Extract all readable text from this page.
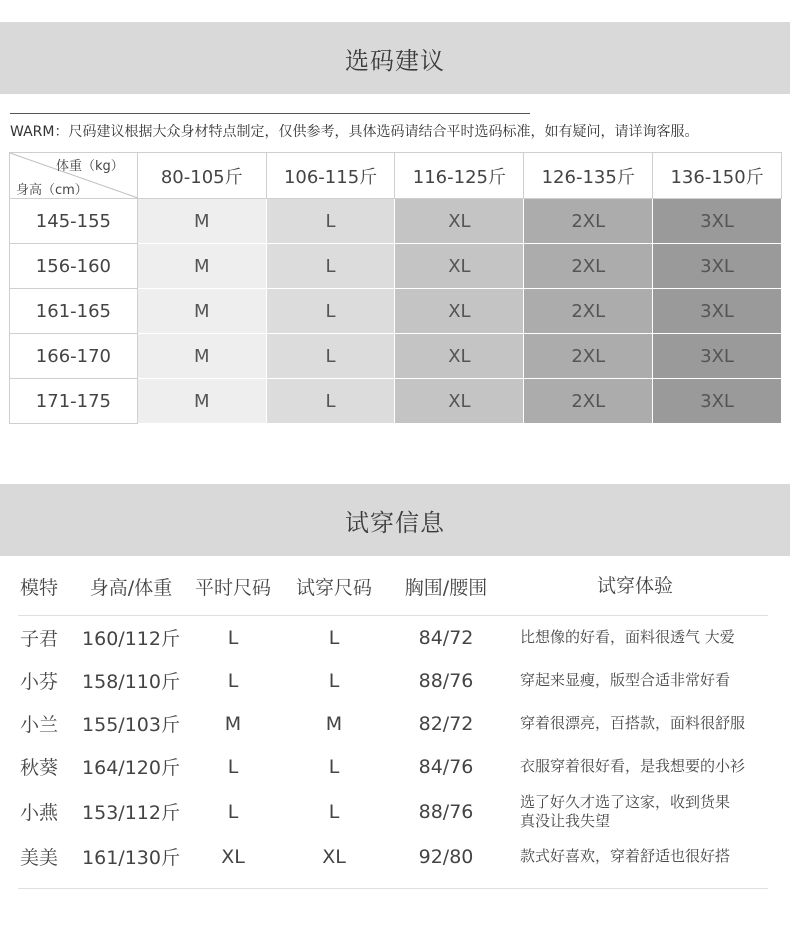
选码建议
WARM：尺码建议根据大众身材特点制定，仅供参考，具体选码请结合平时选码标准，如有疑问，请详询客服。
体重（kg）
身高（cm）
80-105斤	106-115斤	116-125斤	126-135斤	136-150斤
145-155	M	L	XL	2XL	3XL
156-160	M	L	XL	2XL	3XL
161-165	M	L	XL	2XL	3XL
166-170	M	L	XL	2XL	3XL
171-175	M	L	XL	2XL	3XL
试穿信息
模特	身高/体重	平时尺码	试穿尺码	胸围/腰围	试穿体验
子君	160/112斤	L	L	84/72	比想像的好看，面料很透气 大爱
小芬	158/110斤	L	L	88/76	穿起来显瘦，版型合适非常好看
小兰	155/103斤	M	M	82/72	穿着很漂亮，百搭款，面料很舒服
秋葵	164/120斤	L	L	84/76	衣服穿着很好看，是我想要的小衫
小燕	153/112斤	L	L	88/76	选了好久才选了这家，收到货果真没让我失望
美美	161/130斤	XL	XL	92/80	款式好喜欢，穿着舒适也很好搭
